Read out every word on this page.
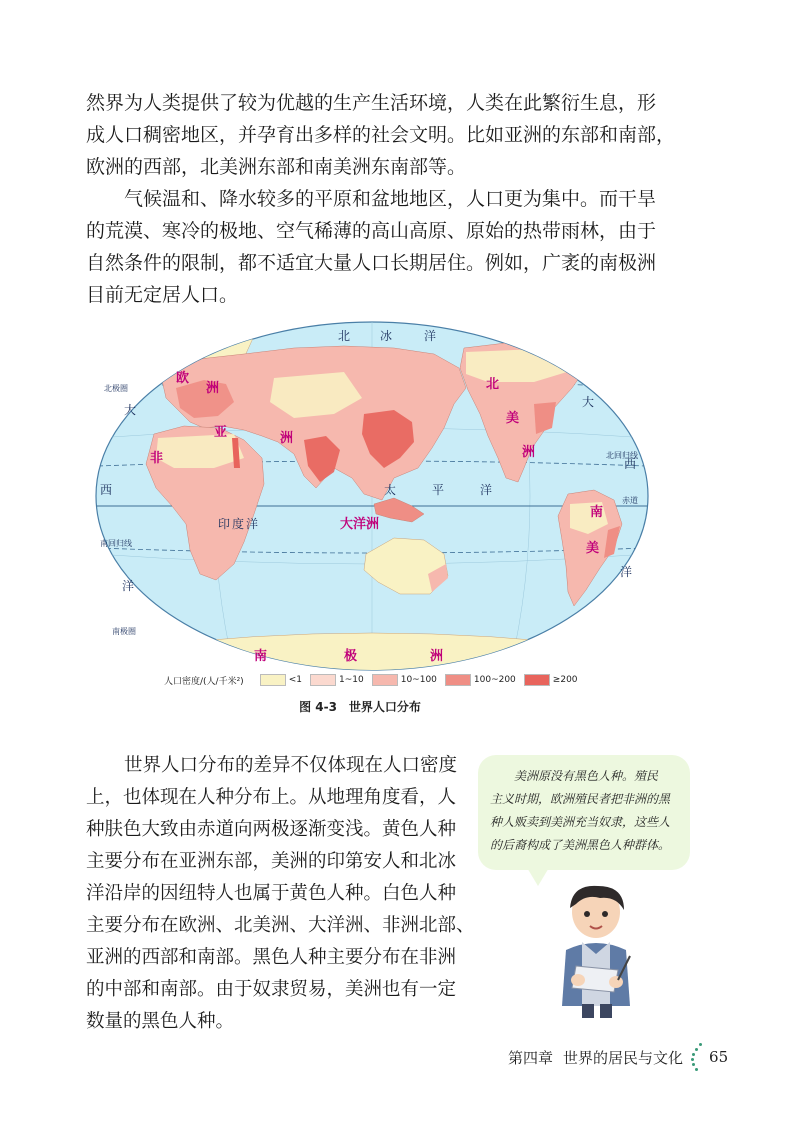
然界为人类提供了较为优越的生产生活环境，人类在此繁衍生息，形
成人口稠密地区，并孕育出多样的社会文明。比如亚洲的东部和南部，
欧洲的西部，北美洲东部和南美洲东南部等。
气候温和、降水较多的平原和盆地地区，人口更为集中。而干旱
的荒漠、寒冷的极地、空气稀薄的高山高原、原始的热带雨林，由于
自然条件的限制，都不适宜大量人口长期居住。例如，广袤的南极洲
目前无定居人口。
北极圈
北回归线
赤道
南回归线
南极圈
北 冰 洋
太	平	洋
印度洋
大
西
洋
大
西
洋
欧
洲
亚	洲
非
北
美
洲
南
美
大洋洲
南	极	洲
人口密度/(人/千米²)	<1	1~10	10~100	100~200	≥200
图 4-3　世界人口分布
世界人口分布的差异不仅体现在人口密度
上，也体现在人种分布上。从地理角度看，人
种肤色大致由赤道向两极逐渐变浅。黄色人种
主要分布在亚洲东部，美洲的印第安人和北冰
洋沿岸的因纽特人也属于黄色人种。白色人种
主要分布在欧洲、北美洲、大洋洲、非洲北部、
亚洲的西部和南部。黑色人种主要分布在非洲
的中部和南部。由于奴隶贸易，美洲也有一定
数量的黑色人种。
美洲原没有黑色人种。殖民
主义时期，欧洲殖民者把非洲的黑
种人贩卖到美洲充当奴隶，这些人
的后裔构成了美洲黑色人种群体。
第四章 世界的居民与文化 65
